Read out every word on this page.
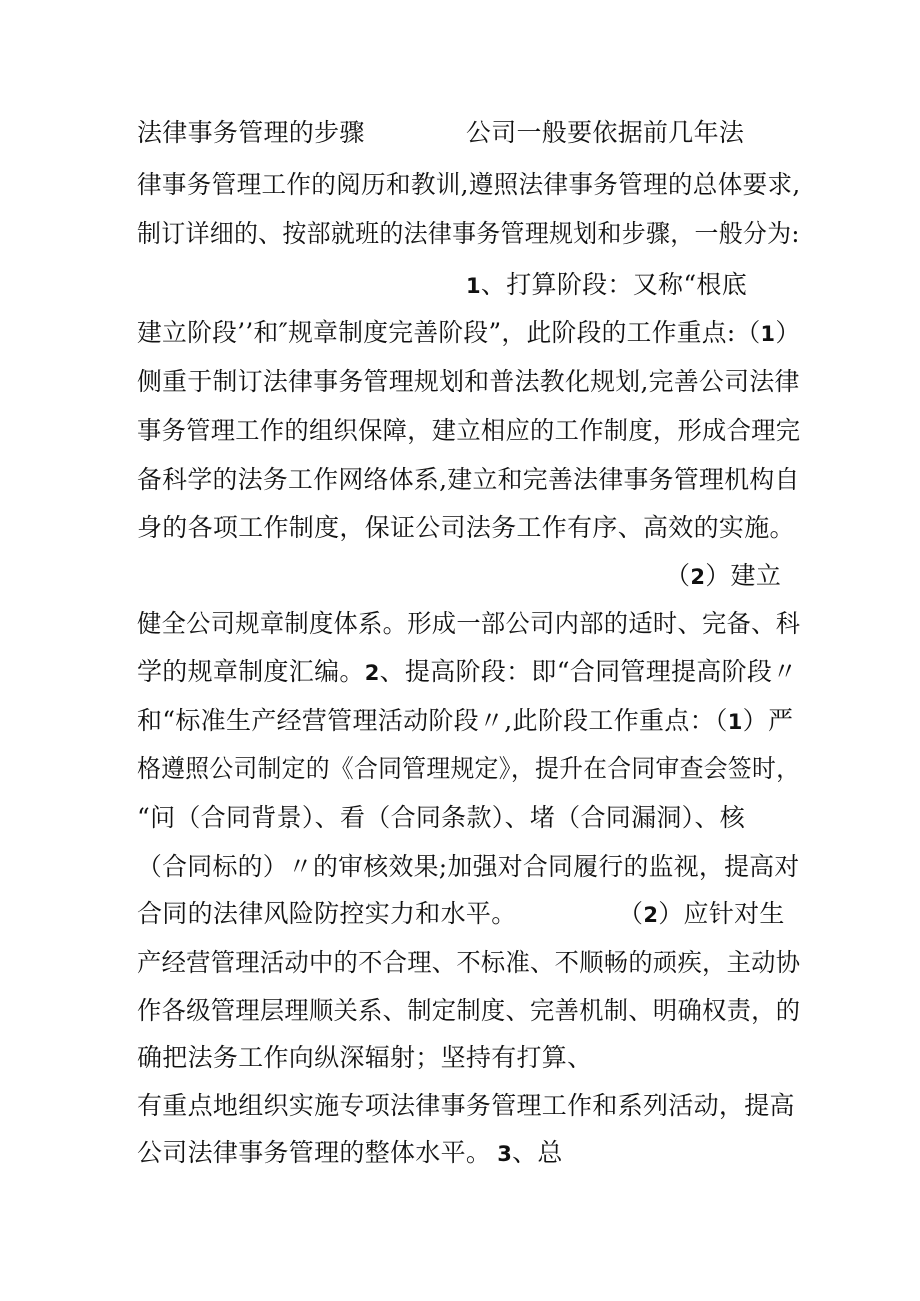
法律事务管理的步骤　　　　公司一般要依据前几年法
律事务管理工作的阅历和教训,遵照法律事务管理的总体要求,
制订详细的、按部就班的法律事务管理规划和步骤，一般分为:
1、打算阶段：又称“根底
建立阶段’’和″规章制度完善阶段”，此阶段的工作重点:（1）
侧重于制订法律事务管理规划和普法教化规划,完善公司法律
事务管理工作的组织保障，建立相应的工作制度，形成合理完
备科学的法务工作网络体系,建立和完善法律事务管理机构自
身的各项工作制度，保证公司法务工作有序、高效的实施。
（2）建立
健全公司规章制度体系。形成一部公司内部的适时、完备、科
学的规章制度汇编。2、提高阶段：即“合同管理提高阶段〃
和“标准生产经营管理活动阶段〃,此阶段工作重点：（1）严
格遵照公司制定的《合同管理规定》，提升在合同审查会签时，
“问（合同背景）、看（合同条款）、堵（合同漏洞）、核
（合同标的）〃的审核效果;加强对合同履行的监视，提高对
合同的法律风险防控实力和水平。　　　　　（2）应针对生
产经营管理活动中的不合理、不标准、不顺畅的顽疾，主动协
作各级管理层理顺关系、制定制度、完善机制、明确权责，的
确把法务工作向纵深辐射；坚持有打算、
有重点地组织实施专项法律事务管理工作和系列活动，提高
公司法律事务管理的整体水平。 3、总
